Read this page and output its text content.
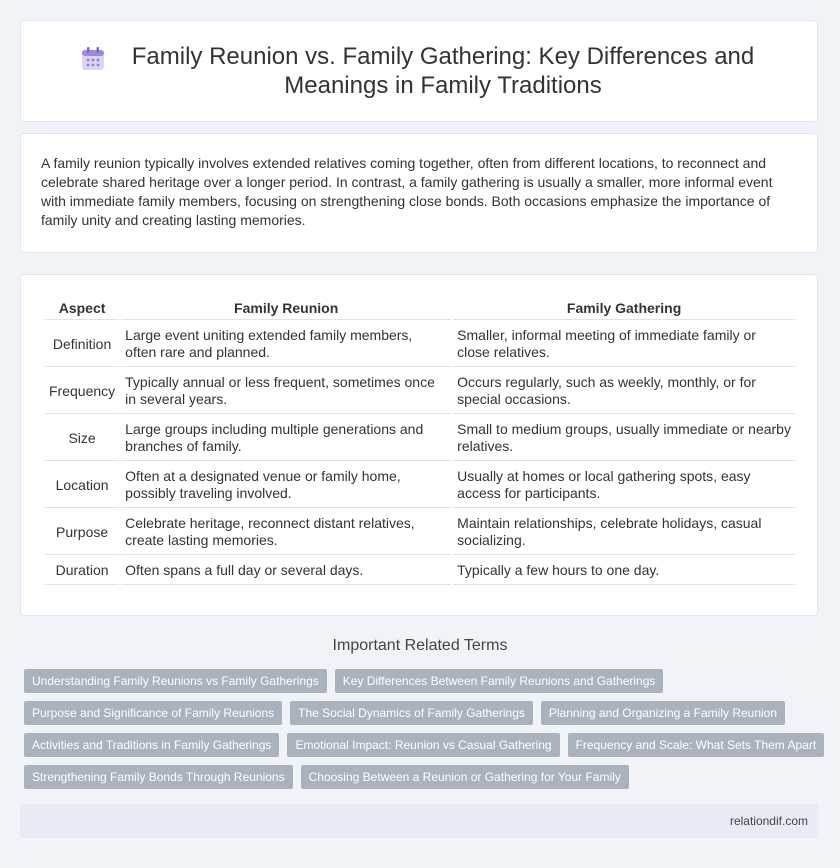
Family Reunion vs. Family Gathering: Key Differences and Meanings in Family Traditions

A family reunion typically involves extended relatives coming together, often from different locations, to reconnect and celebrate shared heritage over a longer period. In contrast, a family gathering is usually a smaller, more informal event with immediate family members, focusing on strengthening close bonds. Both occasions emphasize the importance of family unity and creating lasting memories.

Aspect	Family Reunion	Family Gathering
Definition	Large event uniting extended family members, often rare and planned.	Smaller, informal meeting of immediate family or close relatives.
Frequency	Typically annual or less frequent, sometimes once in several years.	Occurs regularly, such as weekly, monthly, or for special occasions.
Size	Large groups including multiple generations and branches of family.	Small to medium groups, usually immediate or nearby relatives.
Location	Often at a designated venue or family home, possibly traveling involved.	Usually at homes or local gathering spots, easy access for participants.
Purpose	Celebrate heritage, reconnect distant relatives, create lasting memories.	Maintain relationships, celebrate holidays, casual socializing.
Duration	Often spans a full day or several days.	Typically a few hours to one day.
Important Related Terms
Understanding Family Reunions vs Family Gatherings	Key Differences Between Family Reunions and Gatherings
Purpose and Significance of Family Reunions	The Social Dynamics of Family Gatherings	Planning and Organizing a Family Reunion
Activities and Traditions in Family Gatherings	Emotional Impact: Reunion vs Casual Gathering	Frequency and Scale: What Sets Them Apart
Strengthening Family Bonds Through Reunions	Choosing Between a Reunion or Gathering for Your Family
relationdif.com
